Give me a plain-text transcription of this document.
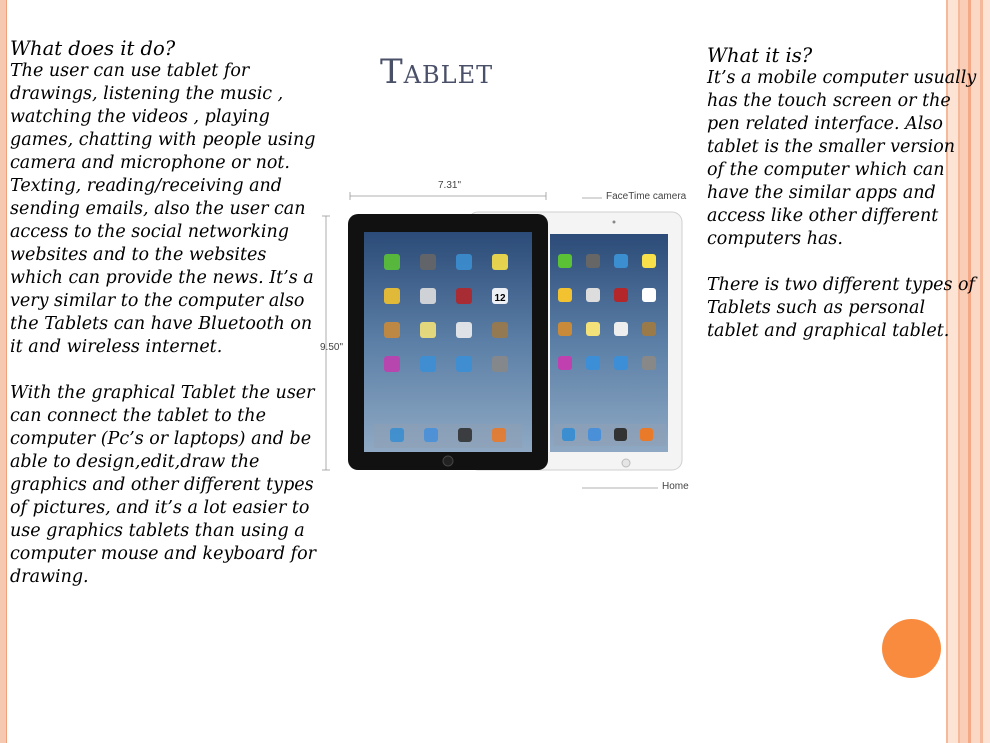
What does it do?
The user can use tablet for drawings, listening the music , watching the videos , playing games, chatting with people using camera and microphone or not. Texting, reading/receiving and sending emails, also the user can access to the social networking websites and to the websites which can provide the news. It’s a very similar to the computer also the Tablets can have Bluetooth on it and wireless internet.
With the graphical Tablet the user can connect the tablet to the computer (Pc’s or laptops) and be able to design,edit,draw the graphics and other different types of pictures, and it’s a lot easier to use graphics tablets than using a computer mouse and keyboard for drawing.
Tablet	What it is?
It’s a mobile computer usually has the touch screen or the pen related interface. Also tablet is the smaller version of the computer which can have the similar apps and access like other different computers has.
There is two different types of Tablets such as personal tablet and graphical tablet.
12
7.31"
9.50"
FaceTime camera
Home
